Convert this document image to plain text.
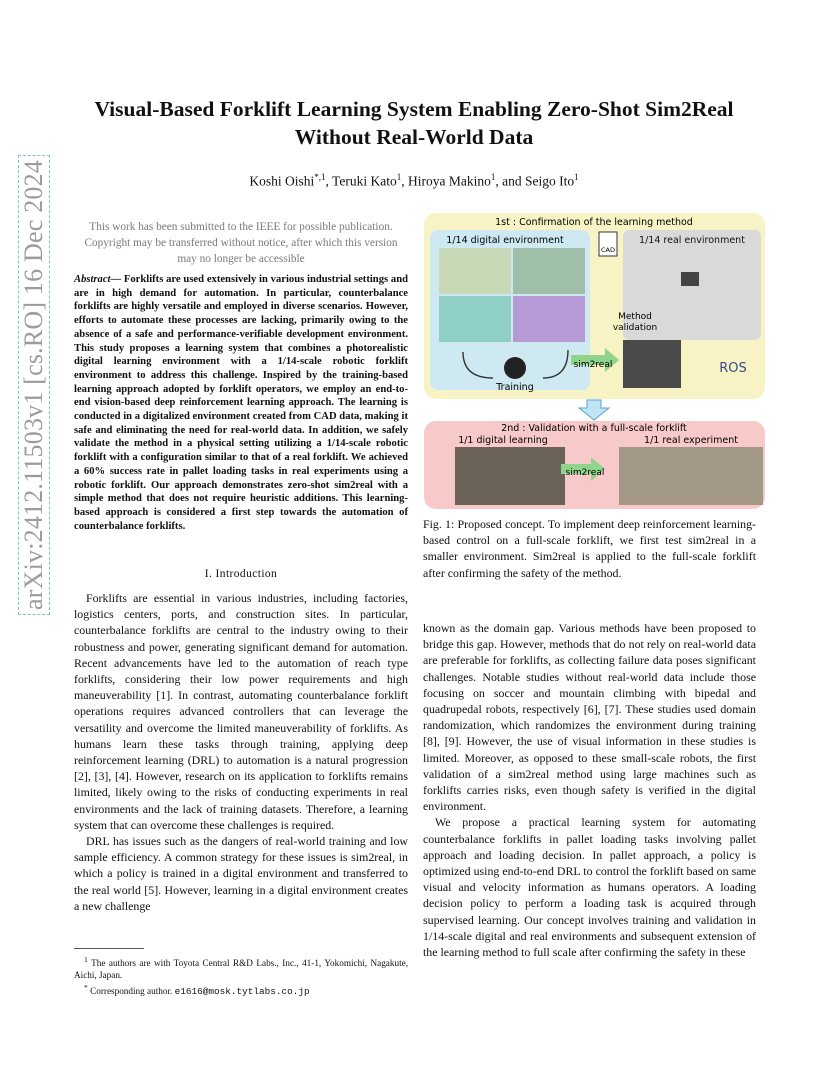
Visual-Based Forklift Learning System Enabling Zero-Shot Sim2Real Without Real-World Data
Koshi Oishi$^{*,1}$, Teruki Kato$^1$, Hiroya Makino$^1$, and Seigo Ito$^1$
arXiv:2412.11503v1 [cs.RO] 16 Dec 2024	This work has been submitted to the IEEE for possible publication. Copyright may be transferred without notice, after which this version may no longer be accessible
Abstract— Forklifts are used extensively in various industrial settings and are in high demand for automation. In particular, counterbalance forklifts are highly versatile and employed in diverse scenarios. However, efforts to automate these processes are lacking, primarily owing to the absence of a safe and performance-verifiable development environment. This study proposes a learning system that combines a photorealistic digital learning environment with a 1/14-scale robotic forklift environment to address this challenge. Inspired by the training-based learning approach adopted by forklift operators, we employ an end-to-end vision-based deep reinforcement learning approach. The learning is conducted in a digitalized environment created from CAD data, making it safe and eliminating the need for real-world data. In addition, we safely validate the method in a physical setting utilizing a 1/14-scale robotic forklift with a configuration similar to that of a real forklift. We achieved a 60% success rate in pallet loading tasks in real experiments using a robotic forklift. Our approach demonstrates zero-shot sim2real with a simple method that does not require heuristic additions. This learning-based approach is considered a first step towards the automation of counterbalance forklifts.
I. Introduction

Forklifts are essential in various industries, including factories, logistics centers, ports, and construction sites. In particular, counterbalance forklifts are central to the industry owing to their robustness and power, generating significant demand for automation. Recent advancements have led to the automation of reach type forklifts, considering their low power requirements and high maneuverability [1]. In contrast, automating counterbalance forklift operations requires advanced controllers that can leverage the versatility and overcome the limited maneuverability of forklifts. As humans learn these tasks through training, applying deep reinforcement learning (DRL) to automation is a natural progression [2], [3], [4]. However, research on its application to forklifts remains limited, likely owing to the risks of conducting experiments in real environments and the lack of training datasets. Therefore, a learning system that can overcome these challenges is required.

DRL has issues such as the dangers of real-world training and low sample efficiency. A common strategy for these issues is sim2real, in which a policy is trained in a digital environment and transferred to the real world [5]. However, learning in a digital environment creates a new challenge

$^1$ The authors are with Toyota Central R&D Labs., Inc., 41-1, Yokomichi, Nagakute, Aichi, Japan.

* Corresponding author. e1616@mosk.tytlabs.co.jp

1st : Confirmation of the learning method
1/14 digital environment
Training
CAD
1/14 real environment
Method
validation
sim2real	ROS
2nd : Validation with a full-scale forklift
1/1 digital learning	1/1 real experiment
sim2real
Fig. 1: Proposed concept. To implement deep reinforcement learning-based control on a full-scale forklift, we first test sim2real in a smaller environment. Sim2real is applied to the full-scale forklift after confirming the safety of the method.

known as the domain gap. Various methods have been proposed to bridge this gap. However, methods that do not rely on real-world data are preferable for forklifts, as collecting failure data poses significant challenges. Notable studies without real-world data include those focusing on soccer and mountain climbing with bipedal and quadrupedal robots, respectively [6], [7]. These studies used domain randomization, which randomizes the environment during training [8], [9]. However, the use of visual information in these studies is limited. Moreover, as opposed to these small-scale robots, the first validation of a sim2real method using large machines such as forklifts carries risks, even though safety is verified in the digital environment.

We propose a practical learning system for automating counterbalance forklifts in pallet loading tasks involving pallet approach and loading decision. In pallet approach, a policy is optimized using end-to-end DRL to control the forklift based on same visual and velocity information as humans operators. A loading decision policy to perform a loading task is acquired through supervised learning. Our concept involves training and validation in 1/14-scale digital and real environments and subsequent extension of the learning method to full scale after confirming the safety in these
